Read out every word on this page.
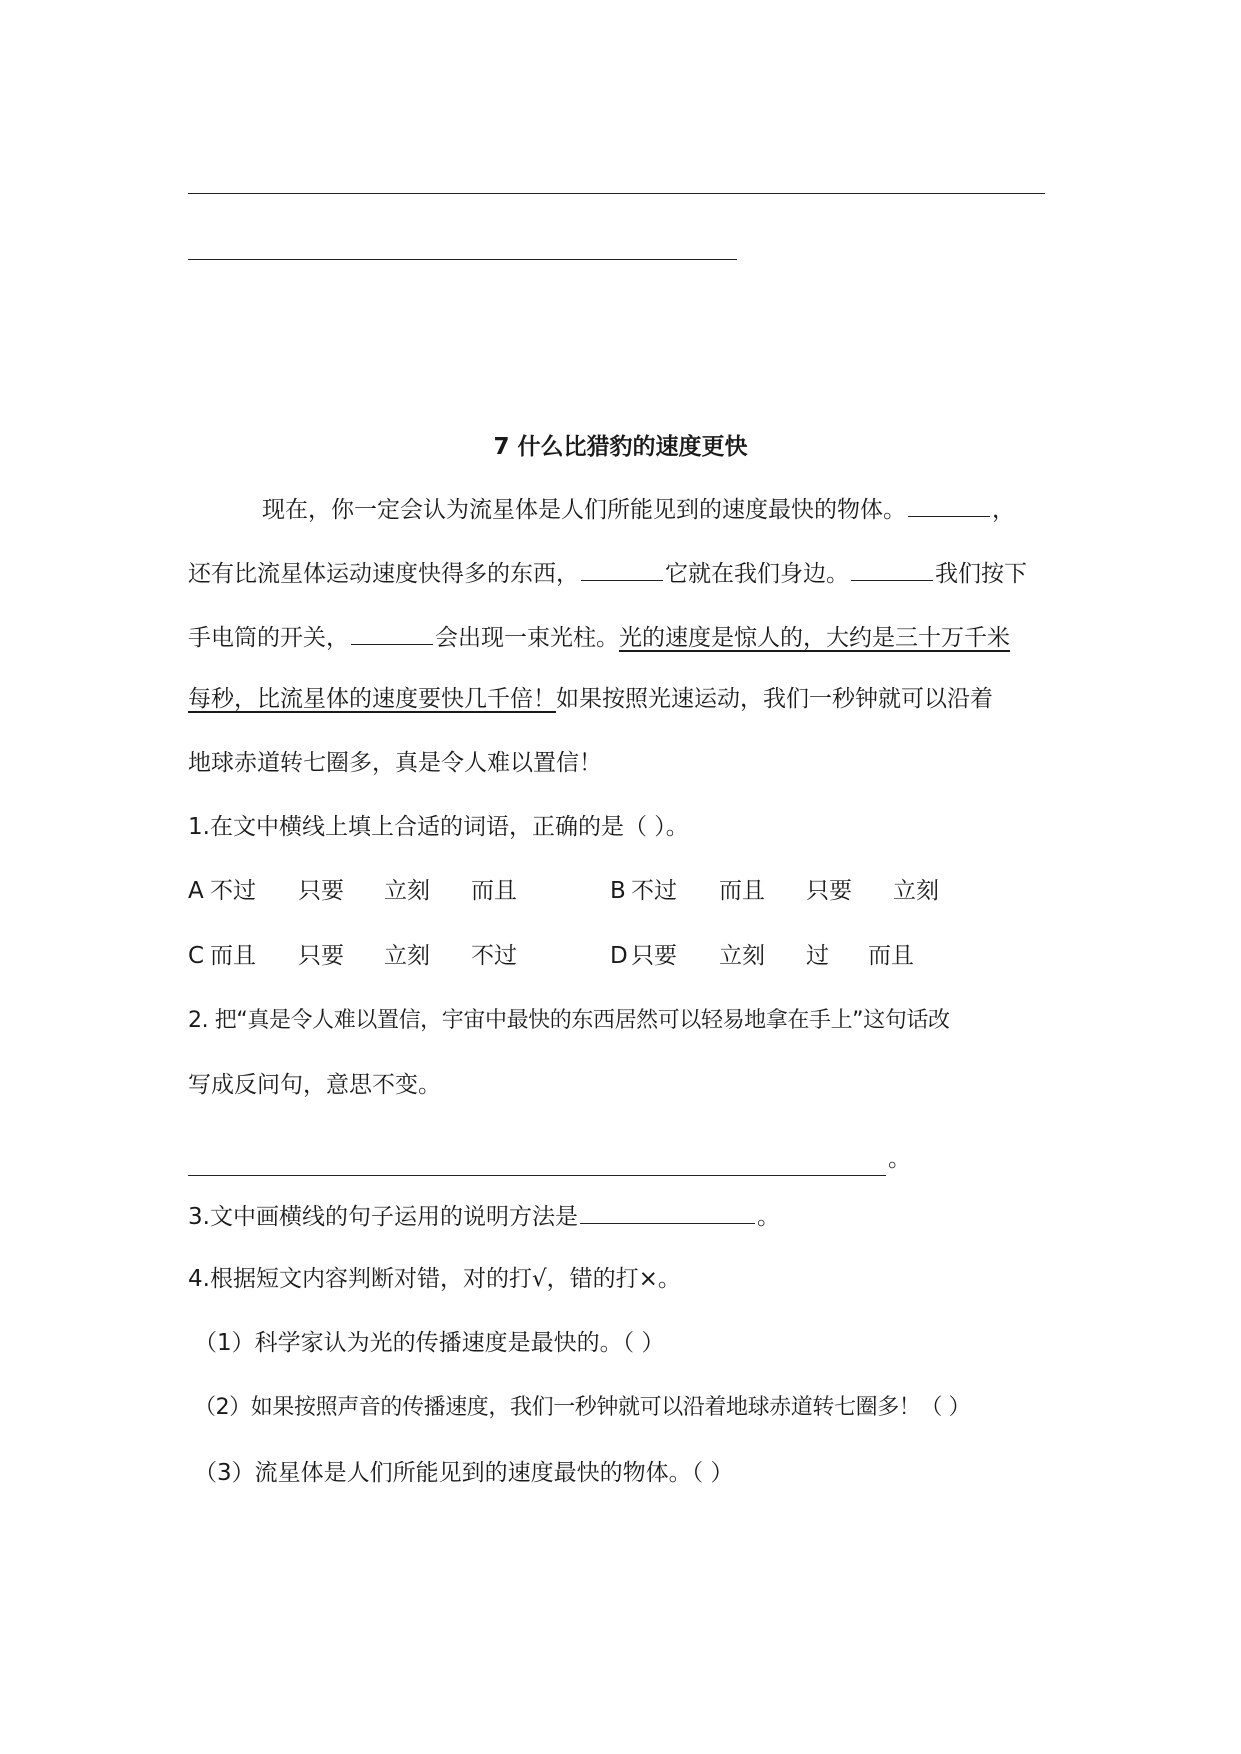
7 什么比猎豹的速度更快
现在，你一定会认为流星体是人们所能见到的速度最快的物体。	，
还有比流星体运动速度快得多的东西，	它就在我们身边。	我们按下
手电筒的开关，	会出现一束光柱。光的速度是惊人的，大约是三十万千米
每秒，比流星体的速度要快几千倍！如果按照光速运动，我们一秒钟就可以沿着
地球赤道转七圈多，真是令人难以置信！
1.在文中横线上填上合适的词语，正确的是（ ）。
A 不过 只要 立刻 而且	B 不过 而且 只要 立刻
C 而且 只要 立刻 不过	D 只要 立刻 过 而且
2. 把“真是令人难以置信，宇宙中最快的东西居然可以轻易地拿在手上”这句话改
写成反问句，意思不变。
。
3.文中画横线的句子运用的说明方法是	。
4.根据短文内容判断对错，对的打√，错的打×。
（1）科学家认为光的传播速度是最快的。（ ）
（2）如果按照声音的传播速度，我们一秒钟就可以沿着地球赤道转七圈多！（ ）
（3）流星体是人们所能见到的速度最快的物体。（ ）
